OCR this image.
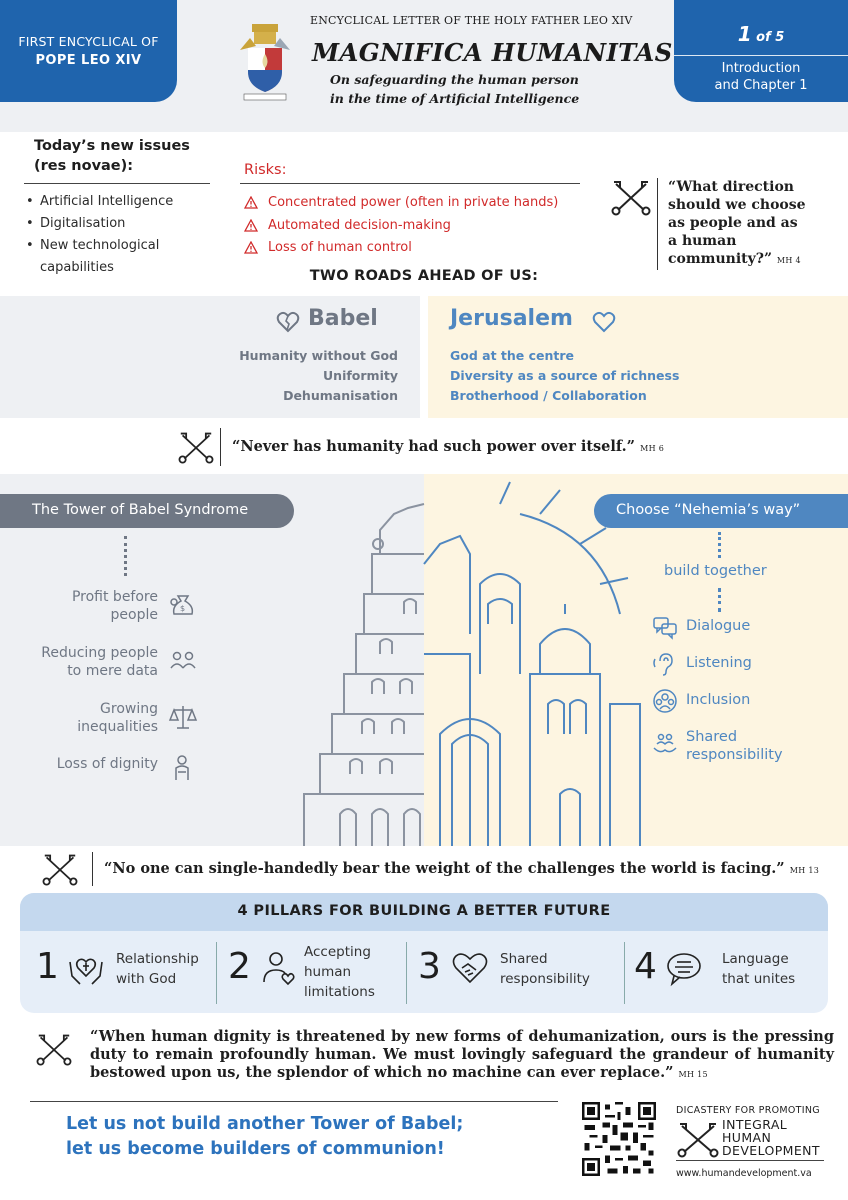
FIRST ENCYCLICAL OF
POPE LEO XIV
ENCYCLICAL LETTER OF THE HOLY FATHER LEO XIV
MAGNIFICA HUMANITAS
On safeguarding the human person
in the time of Artificial Intelligence
1 of 5
Introduction
and Chapter 1
Today’s new issues
(res novae):
• Artificial Intelligence
• Digitalisation
• New technological
capabilities
Risks:
Concentrated power (often in private hands)
Automated decision-making
Loss of human control
“What direction
should we choose
as people and as
a human
community?” MH 4
TWO ROADS AHEAD OF US:
Babel
Humanity without God
Uniformity
Dehumanisation
Jerusalem
God at the centre
Diversity as a source of richness
Brotherhood / Collaboration
“Never has humanity had such power over itself.” MH 6
The Tower of Babel Syndrome
Profit before
people	$
Reducing people
to mere data
Growing
inequalities
Loss of dignity
Choose “Nehemia’s way”
build together
Dialogue
Listening
Inclusion
Shared
responsibility
“No one can single-handedly bear the weight of the challenges the world is facing.” MH 13
4 PILLARS FOR BUILDING A BETTER FUTURE
1	Relationship
with God	2	Accepting
human
limitations
3	Shared
responsibility 4	Language
that unites
“When human dignity is threatened by new forms of dehumanization, ours is the pressing duty to remain profoundly human. We must lovingly safeguard the grandeur of humanity bestowed upon us, the splendor of which no machine can ever replace.” MH 15
Let us not build another Tower of Babel;
let us become builders of communion!
DICASTERY FOR PROMOTING
INTEGRAL
HUMAN
DEVELOPMENT
www.humandevelopment.va
